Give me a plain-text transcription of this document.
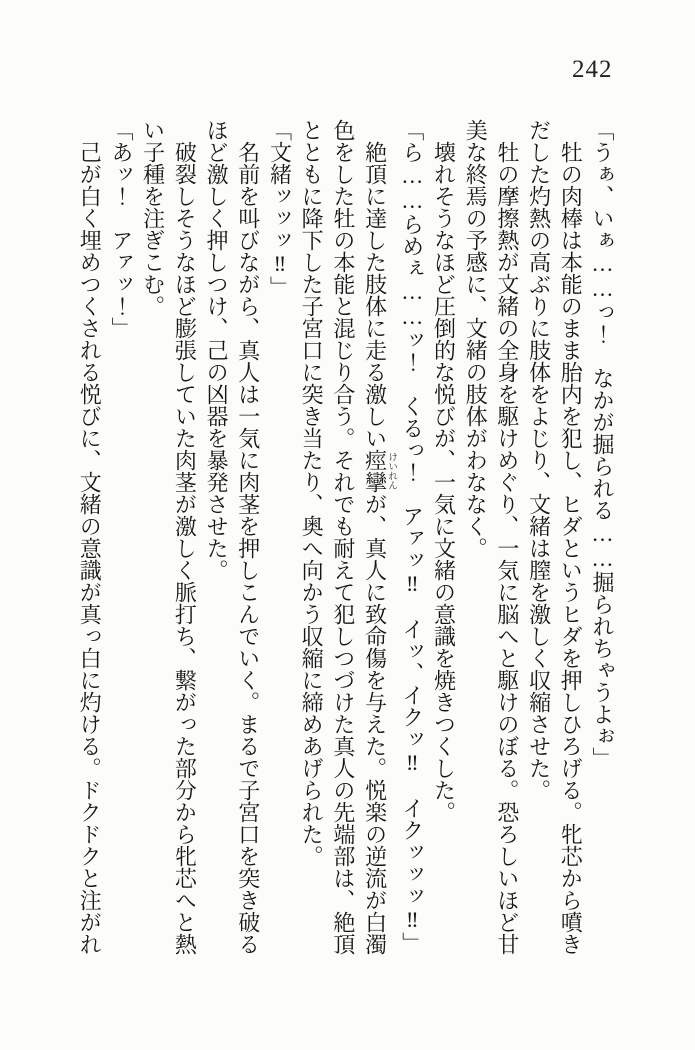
242

「うぁ、いぁ……っ！　なかが掘られる……掘られちゃうよぉ」

牡の肉棒は本能のまま胎内を犯し、ヒダというヒダを押しひろげる。牝芯から噴きだした灼熱の高ぶりに肢体をよじり、文緒は膣を激しく収縮させた。

牡の摩擦熱が文緒の全身を駆けめぐり、一気に脳へと駆けのぼる。恐ろしいほど甘美な終焉の予感に、文緒の肢体がわななく。

壊れそうなほど圧倒的な悦びが、一気に文緒の意識を焼きつくした。

「ら……らめぇ……ッ！　くるっ！　アァッ‼　イッ、イクッ‼　イクッッッ‼」

絶頂に達した肢体に走る激しい痙攣けいれんが、真人に致命傷を与えた。悦楽の逆流が白濁色をした牡の本能と混じり合う。それでも耐えて犯しつづけた真人の先端部は、絶頂とともに降下した子宮口に突き当たり、奥へ向かう収縮に締めあげられた。

「文緒ッッッ‼」

名前を叫びながら、真人は一気に肉茎を押しこんでいく。まるで子宮口を突き破るほど激しく押しつけ、己の凶器を暴発させた。

破裂しそうなほど膨張していた肉茎が激しく脈打ち、繋がった部分から牝芯へと熱い子種を注ぎこむ。

「あッ！　アァッ！」

己が白く埋めつくされる悦びに、文緒の意識が真っ白に灼ける。ドクドクと注がれ
